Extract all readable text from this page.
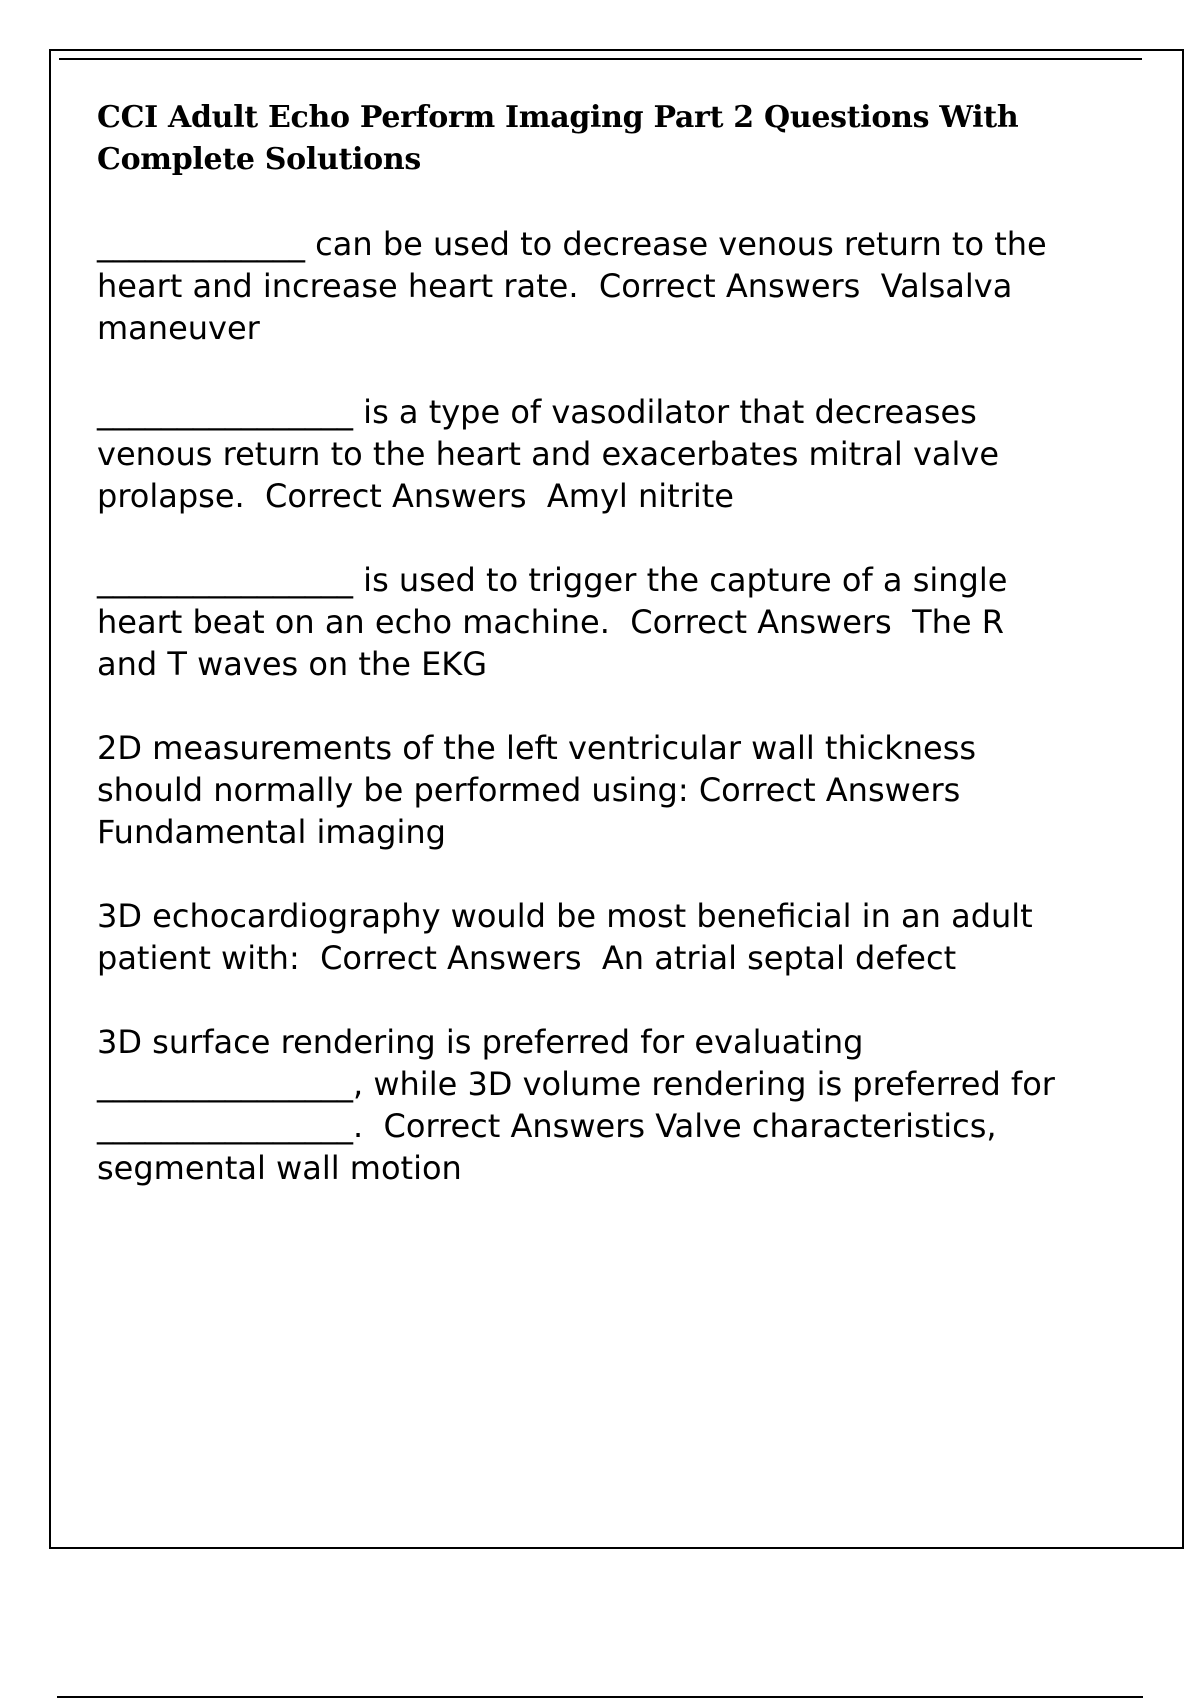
CCI Adult Echo Perform Imaging Part 2 Questions With Complete Solutions

_____________ can be used to decrease venous return to the heart and increase heart rate. Correct Answers Valsalva maneuver

________________ is a type of vasodilator that decreases venous return to the heart and exacerbates mitral valve prolapse. Correct Answers Amyl nitrite

________________ is used to trigger the capture of a single heart beat on an echo machine. Correct Answers The R and T waves on the EKG

2D measurements of the left ventricular wall thickness should normally be performed using: Correct Answers  Fundamental imaging

3D echocardiography would be most beneficial in an adult patient with: Correct Answers An atrial septal defect

3D surface rendering is preferred for evaluating ________________, while 3D volume rendering is preferred for ________________. Correct Answers Valve characteristics, segmental wall motion
